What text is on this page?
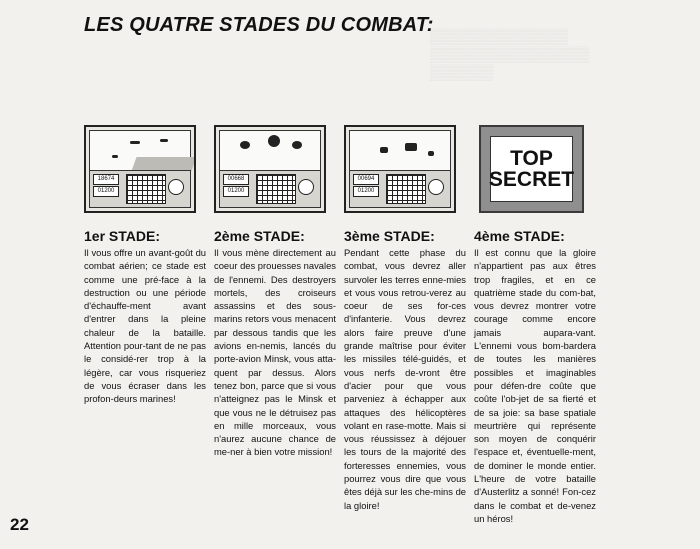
▒▒▒▒▒▒▒▒▒▒▒▒▒
▒▒▒▒▒▒▒▒▒▒▒▒▒▒▒
▒▒▒▒▒▒
LES QUATRE STADES DU COMBAT:
18674
01200
00668
01200
00694
01200
TOP
SECRET
1er STADE:

Il vous offre un avant-goût du combat aérien; ce stade est comme une pré-face à la destruction ou une période d'échauffe-ment avant d'entrer dans la pleine chaleur de la bataille. Attention pour-tant de ne pas le considé-rer trop à la légère, car vous risqueriez de vous écraser dans les profon-deurs marines!

2ème STADE:

Il vous mène directement au coeur des prouesses navales de l'ennemi. Des destroyers mortels, des croiseurs assassins et des sous-marins retors vous menacent par dessous tandis que les avions en-nemis, lancés du porte-avion Minsk, vous atta-quent par dessus. Alors tenez bon, parce que si vous n'atteignez pas le Minsk et que vous ne le détruisez pas en mille morceaux, vous n'aurez aucune chance de me-ner à bien votre mission!

3ème STADE:

Pendant cette phase du combat, vous devrez aller survoler les terres enne-mies et vous vous retrou-verez au coeur de ses for-ces d'infanterie. Vous devrez alors faire preuve d'une grande maîtrise pour éviter les missiles télé-guidés, et vous nerfs de-vront être d'acier pour que vous parveniez à échapper aux attaques des hélicoptères volant en rase-motte. Mais si vous réussissez à déjouer les tours de la majorité des forteresses ennemies, vous pourrez vous dire que vous êtes déjà sur les che-mins de la gloire!

4ème STADE:

Il est connu que la gloire n'appartient pas aux êtres trop fragiles, et en ce quatrième stade du com-bat, vous devrez montrer votre courage comme encore jamais aupara-vant. L'ennemi vous bom-bardera de toutes les manières possibles et imaginables pour défen-dre coûte que coûte l'ob-jet de sa fierté et de sa joie: sa base spatiale meurtrière qui représente son moyen de conquérir l'espace et, éventuelle-ment, de dominer le monde entier. L'heure de votre bataille d'Austerlitz a sonné! Fon-cez dans le combat et de-venez un héros!

22
